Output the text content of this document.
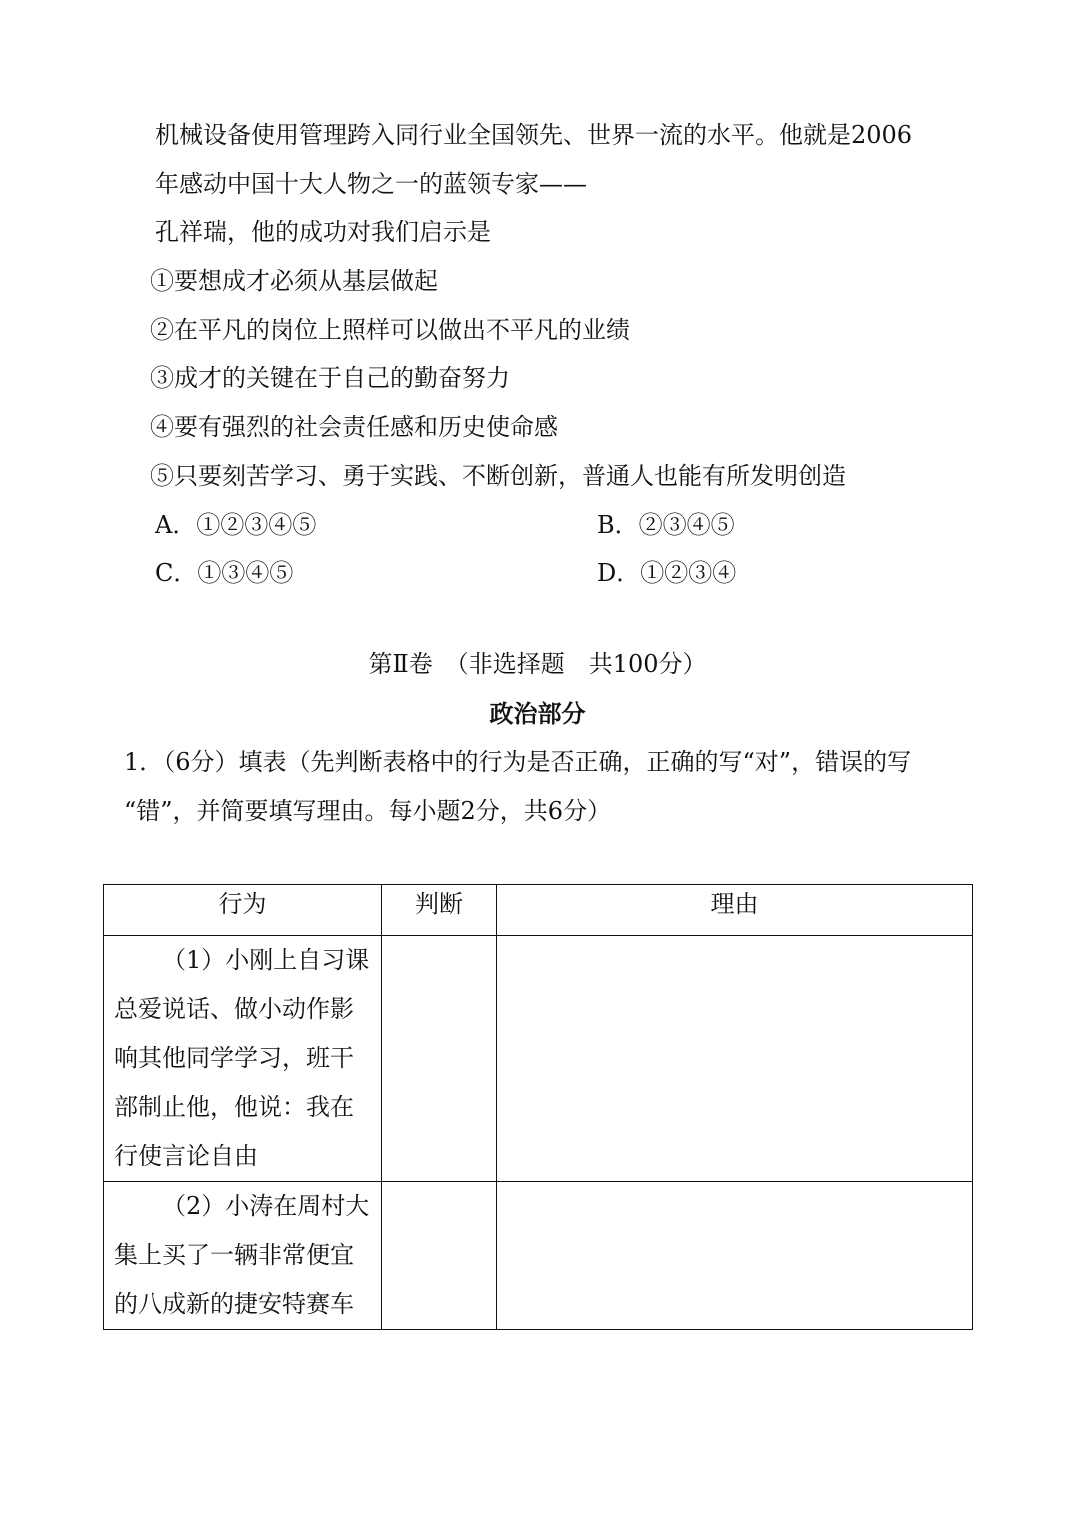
机械设备使用管理跨入同行业全国领先、世界一流的水平。他就是2006
年感动中国十大人物之一的蓝领专家——
孔祥瑞，他的成功对我们启示是
①要想成才必须从基层做起
②在平凡的岗位上照样可以做出不平凡的业绩
③成才的关键在于自己的勤奋努力
④要有强烈的社会责任感和历史使命感
⑤只要刻苦学习、勇于实践、不断创新，普通人也能有所发明创造
A．①②③④⑤	B．②③④⑤
C．①③④⑤	D．①②③④
第Ⅱ卷　（非选择题　共100分）
政治部分
1．（6分）填表（先判断表格中的行为是否正确，正确的写“对”，错误的写
“错”，并简要填写理由。每小题2分，共6分）
行为	判断	理由

（1）小刚上自习课总爱说话、做小动作影响其他同学学习，班干部制止他，他说：我在行使言论自由		

（2）小涛在周村大集上买了一辆非常便宜的八成新的捷安特赛车		
